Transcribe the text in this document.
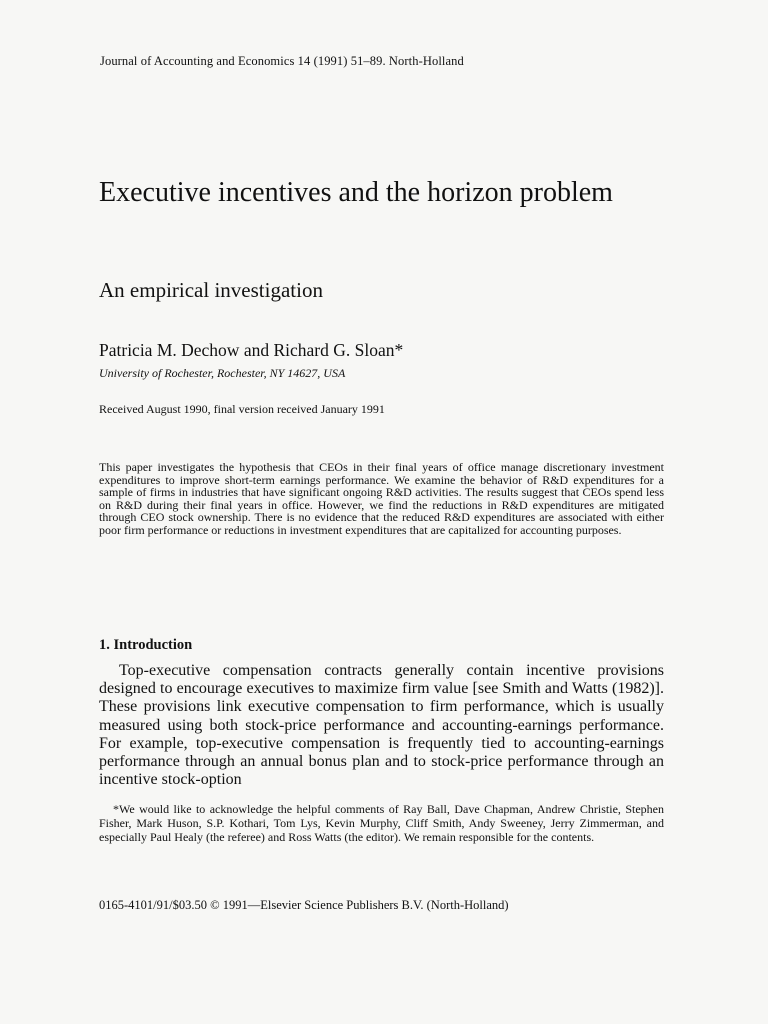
Journal of Accounting and Economics 14 (1991) 51–89. North-Holland
Executive incentives and the horizon problem
An empirical investigation
Patricia M. Dechow and Richard G. Sloan*
University of Rochester, Rochester, NY 14627, USA
Received August 1990, final version received January 1991

This paper investigates the hypothesis that CEOs in their final years of office manage discretionary investment expenditures to improve short-term earnings performance. We examine the behavior of R&D expenditures for a sample of firms in industries that have significant ongoing R&D activities. The results suggest that CEOs spend less on R&D during their final years in office. However, we find the reductions in R&D expenditures are mitigated through CEO stock ownership. There is no evidence that the reduced R&D expenditures are associated with either poor firm performance or reductions in investment expenditures that are capitalized for accounting purposes.

1. Introduction

Top-executive compensation contracts generally contain incentive provisions designed to encourage executives to maximize firm value [see Smith and Watts (1982)]. These provisions link executive compensation to firm performance, which is usually measured using both stock-price performance and accounting-earnings performance. For example, top-executive compensation is frequently tied to accounting-earnings performance through an annual bonus plan and to stock-price performance through an incentive stock-option

*We would like to acknowledge the helpful comments of Ray Ball, Dave Chapman, Andrew Christie, Stephen Fisher, Mark Huson, S.P. Kothari, Tom Lys, Kevin Murphy, Cliff Smith, Andy Sweeney, Jerry Zimmerman, and especially Paul Healy (the referee) and Ross Watts (the editor). We remain responsible for the contents.

0165-4101/91/$03.50 © 1991—Elsevier Science Publishers B.V. (North-Holland)
